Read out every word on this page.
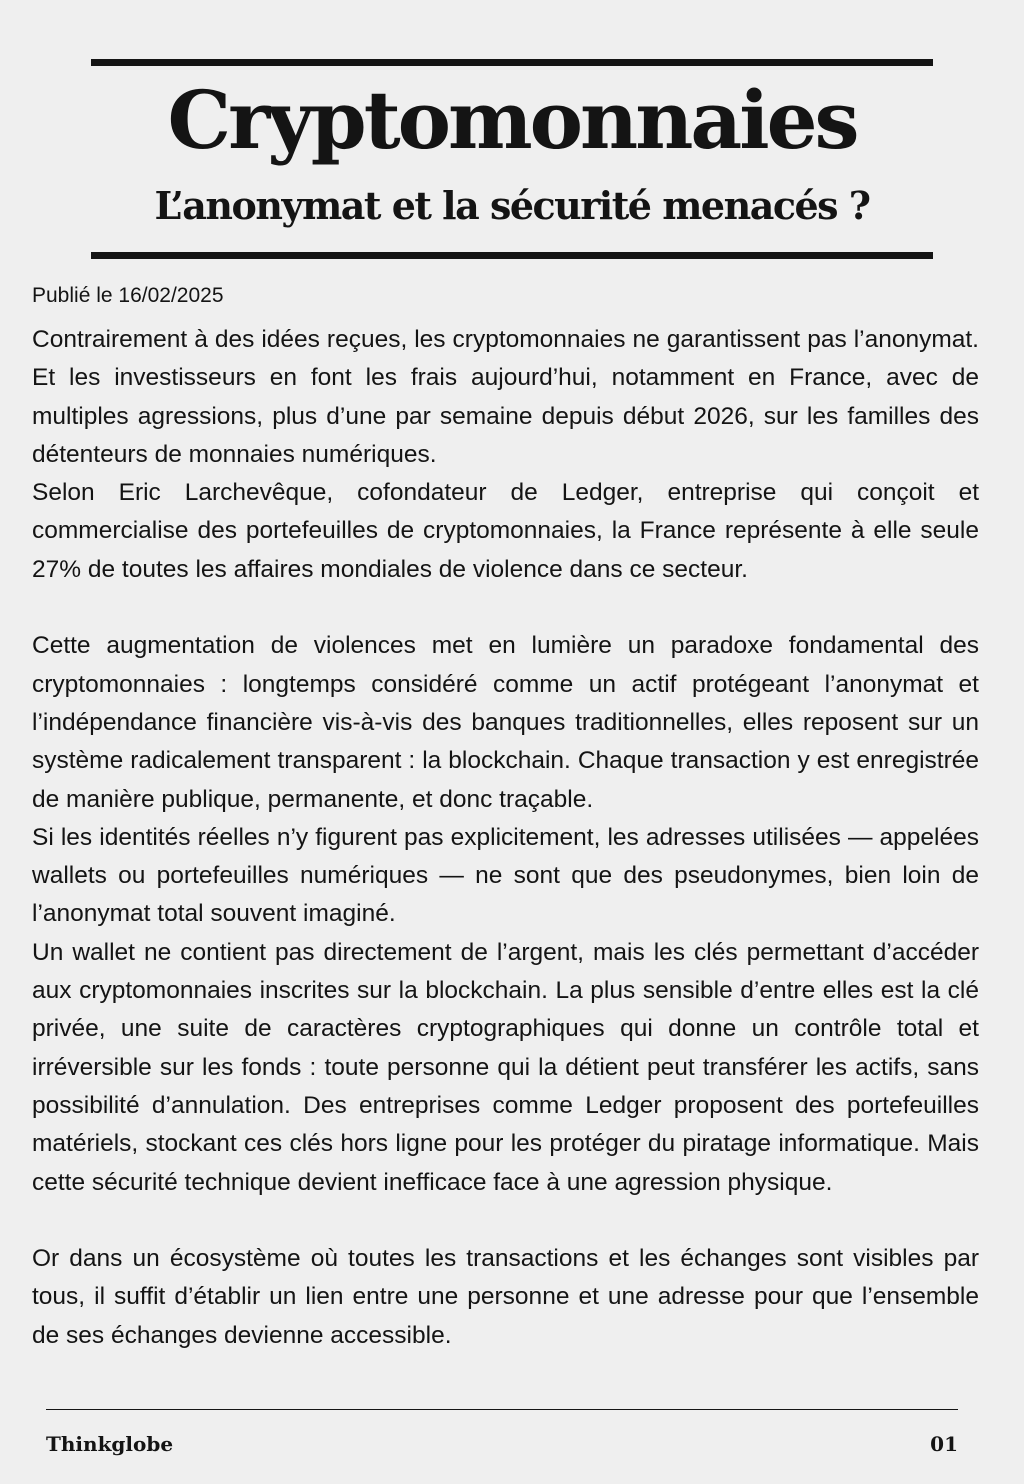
Cryptomonnaies
L’anonymat et la sécurité menacés ?

Publié le 16/02/2025

Contrairement à des idées reçues, les cryptomonnaies ne garantissent pas l’anonymat. Et les investisseurs en font les frais aujourd’hui, notamment en France, avec de multiples agressions, plus d’une par semaine depuis début 2026, sur les familles des détenteurs de monnaies numériques.

Selon Eric Larchevêque, cofondateur de Ledger, entreprise qui conçoit et commercialise des portefeuilles de cryptomonnaies, la France représente à elle seule 27% de toutes les affaires mondiales de violence dans ce secteur.

Cette augmentation de violences met en lumière un paradoxe fondamental des cryptomonnaies : longtemps considéré comme un actif protégeant l’anonymat et l’indépendance financière vis-à-vis des banques traditionnelles, elles reposent sur un système radicalement transparent : la blockchain. Chaque transaction y est enregistrée de manière publique, permanente, et donc traçable.

Si les identités réelles n’y figurent pas explicitement, les adresses utilisées — appelées wallets ou portefeuilles numériques — ne sont que des pseudonymes, bien loin de l’anonymat total souvent imaginé.

Un wallet ne contient pas directement de l’argent, mais les clés permettant d’accéder aux cryptomonnaies inscrites sur la blockchain. La plus sensible d’entre elles est la clé privée, une suite de caractères cryptographiques qui donne un contrôle total et irréversible sur les fonds : toute personne qui la détient peut transférer les actifs, sans possibilité d’annulation. Des entreprises comme Ledger proposent des portefeuilles matériels, stockant ces clés hors ligne pour les protéger du piratage informatique. Mais cette sécurité technique devient inefficace face à une agression physique.

Or dans un écosystème où toutes les transactions et les échanges sont visibles par tous, il suffit d’établir un lien entre une personne et une adresse pour que l’ensemble de ses échanges devienne accessible.

Thinkglobe	01
